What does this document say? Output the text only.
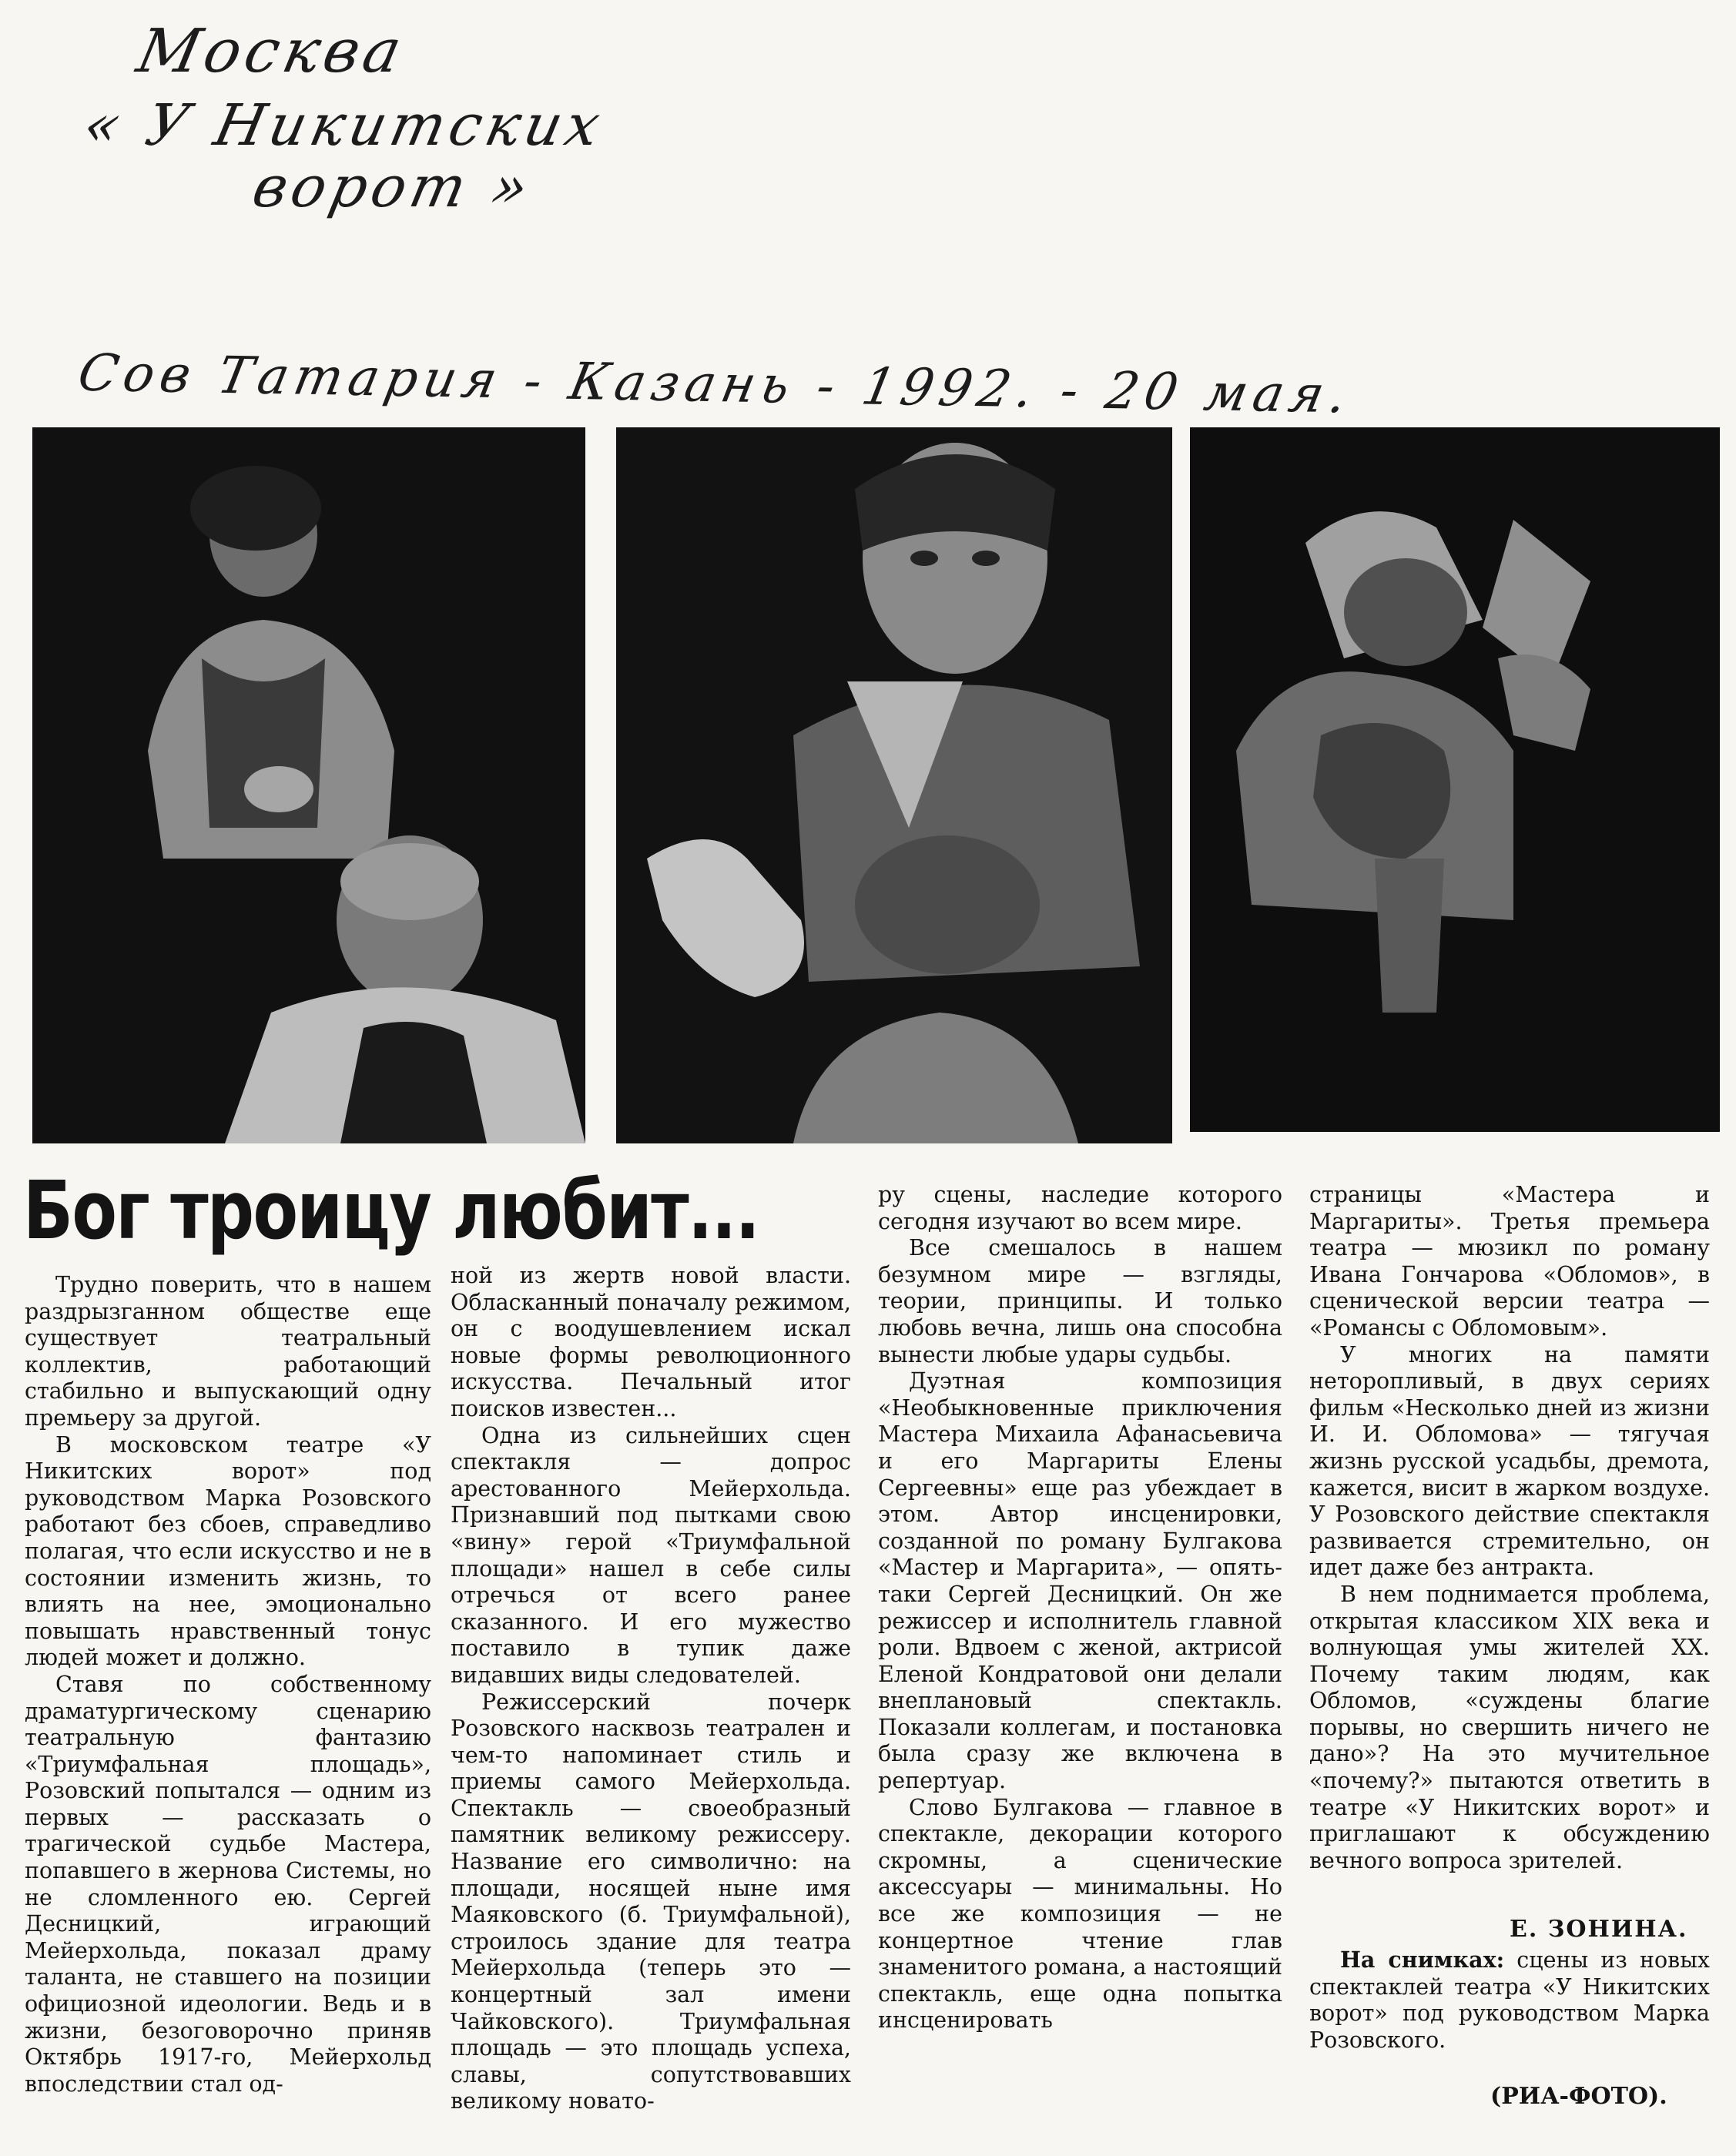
Москва
« У Никитских
ворот »
Сов Татария - Казань - 1992. - 20 мая.
Бог троицу любит...

Трудно поверить, что в нашем раздрызганном обществе еще существует театральный коллектив, работающий стабильно и выпускающий одну премьеру за другой.

В московском театре «У Никитских ворот» под руководством Марка Розовского работают без сбоев, справедливо полагая, что если искусство и не в состоянии изменить жизнь, то влиять на нее, эмоционально повышать нравственный тонус людей может и должно.

Ставя по собственному драматургическому сценарию театральную фантазию «Триумфальная площадь», Розовский попытался — одним из первых — рассказать о трагической судьбе Мастера, попавшего в жернова Системы, но не сломленного ею. Сергей Десницкий, играющий Мейерхольда, показал драму таланта, не ставшего на позиции официозной идеологии. Ведь и в жизни, безоговорочно приняв Октябрь 1917-го, Мейерхольд впоследствии стал од-

ной из жертв новой власти. Обласканный поначалу режимом, он с воодушевлением искал новые формы революционного искусства. Печальный итог поисков известен...

Одна из сильнейших сцен спектакля — допрос арестованного Мейерхольда. Признавший под пытками свою «вину» герой «Триумфальной площади» нашел в себе силы отречься от всего ранее сказанного. И его мужество поставило в тупик даже видавших виды следователей.

Режиссерский почерк Розовского насквозь театрален и чем-то напоминает стиль и приемы самого Мейерхольда. Спектакль — своеобразный памятник великому режиссеру. Название его символично: на площади, носящей ныне имя Маяковского (б. Триумфальной), строилось здание для театра Мейерхольда (теперь это — концертный зал имени Чайковского). Триумфальная площадь — это площадь успеха, славы, сопутствовавших великому новато-

ру сцены, наследие которого сегодня изучают во всем мире.

Все смешалось в нашем безумном мире — взгляды, теории, принципы. И только любовь вечна, лишь она способна вынести любые удары судьбы.

Дуэтная композиция «Необыкновенные приключения Мастера Михаила Афанасьевича и его Маргариты Елены Сергеевны» еще раз убеждает в этом. Автор инсценировки, созданной по роману Булгакова «Мастер и Маргарита», — опять-таки Сергей Десницкий. Он же режиссер и исполнитель главной роли. Вдвоем с женой, актрисой Еленой Кондратовой они делали внеплановый спектакль. Показали коллегам, и постановка была сразу же включена в репертуар.

Слово Булгакова — главное в спектакле, декорации которого скромны, а сценические аксессуары — минимальны. Но все же композиция — не концертное чтение глав знаменитого романа, а настоящий спектакль, еще одна попытка инсценировать

страницы «Мастера и Маргариты». Третья премьера театра — мюзикл по роману Ивана Гончарова «Обломов», в сценической версии театра — «Романсы с Обломовым».

У многих на памяти неторопливый, в двух сериях фильм «Несколько дней из жизни И. И. Обломова» — тягучая жизнь русской усадьбы, дремота, кажется, висит в жарком воздухе. У Розовского действие спектакля развивается стремительно, он идет даже без антракта.

В нем поднимается проблема, открытая классиком XIX века и волнующая умы жителей XX. Почему таким людям, как Обломов, «суждены благие порывы, но свершить ничего не дано»? На это мучительное «почему?» пытаются ответить в театре «У Никитских ворот» и приглашают к обсуждению вечного вопроса зрителей.

Е. ЗОНИНА.

На снимках: сцены из новых спектаклей театра «У Никитских ворот» под руководством Марка Розовского.

(РИА-ФОТО).
